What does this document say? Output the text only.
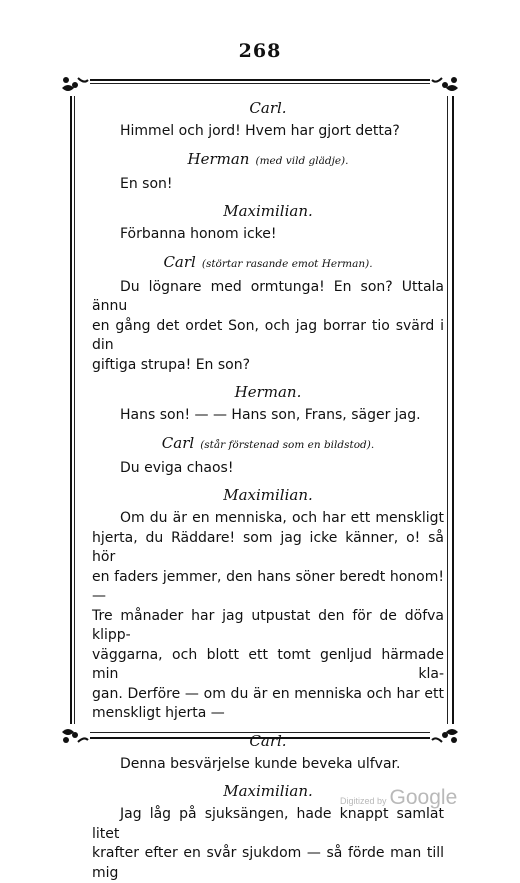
268

Carl.

Himmel och jord! Hvem har gjort detta?

Herman (med vild glädje).

En son!

Maximilian.

Förbanna honom icke!

Carl (störtar rasande emot Herman).

Du lögnare med ormtunga! En son? Uttala ännu

en gång det ordet Son, och jag borrar tio svärd i din

giftiga strupa! En son?

Herman.

Hans son! — — Hans son, Frans, säger jag.

Carl (står förstenad som en bildstod).

Du eviga chaos!

Maximilian.

Om du är en menniska, och har ett menskligt

hjerta, du Räddare! som jag icke känner, o! så hör

en faders jemmer, den hans söner beredt honom! —

Tre månader har jag utpustat den för de döfva klipp-

väggarna, och blott ett tomt genljud härmade min kla-

gan. Derföre — om du är en menniska och har ett

menskligt hjerta —

Carl.

Denna besvärjelse kunde beveka ulfvar.

Maximilian.

Jag låg på sjuksängen, hade knappt samlat litet

krafter efter en svår sjukdom — så förde man till mig

Digitized by Google
